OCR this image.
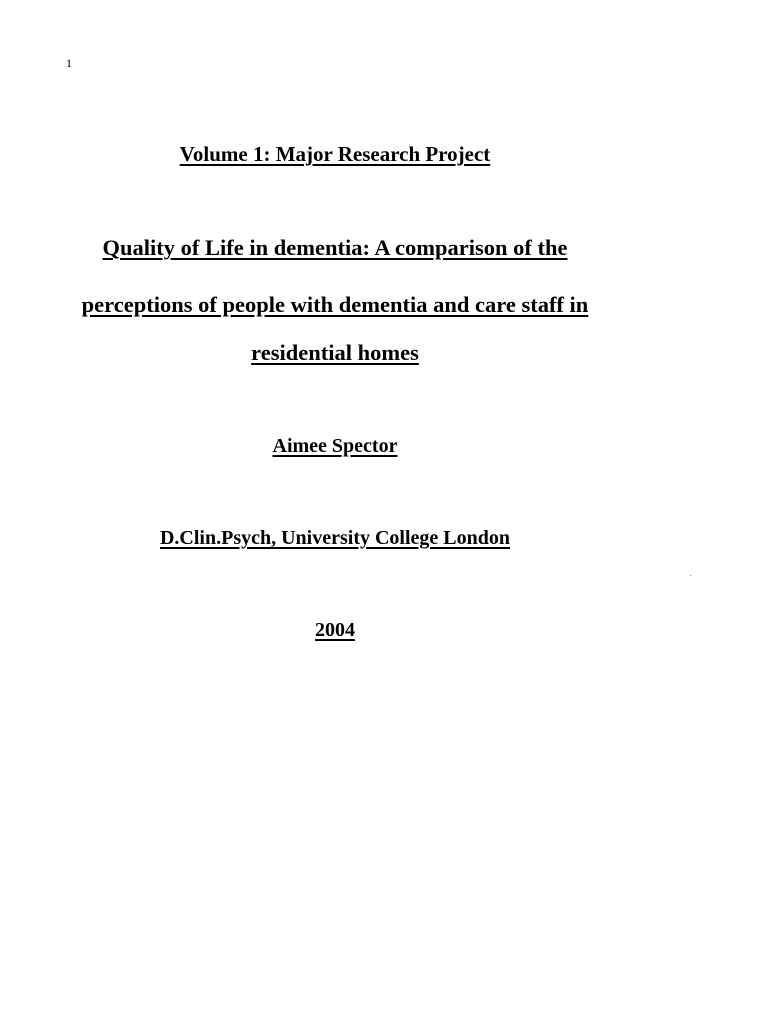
1
Volume 1: Major Research Project
Quality of Life in dementia: A comparison of the
perceptions of people with dementia and care staff in
residential homes
Aimee Spector
D.Clin.Psych, University College London
2004
